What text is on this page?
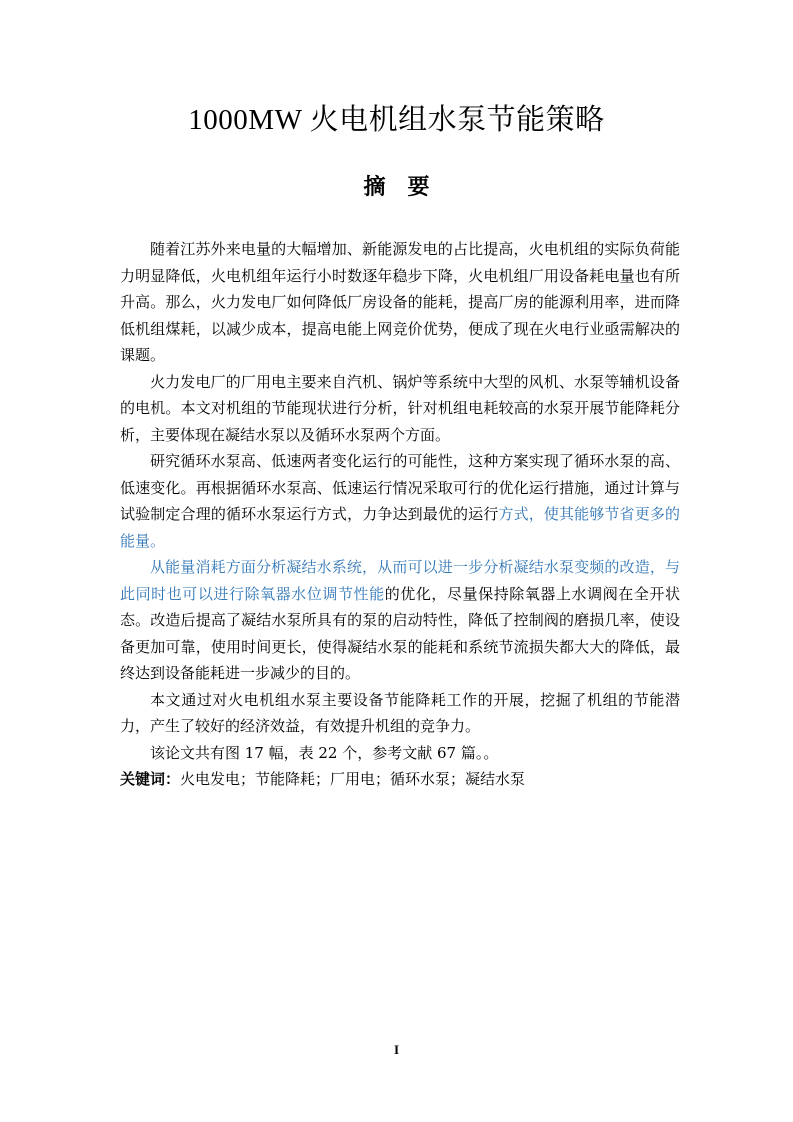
1000MW 火电机组水泵节能策略
摘 要

随着江苏外来电量的大幅增加、新能源发电的占比提高，火电机组的实际负荷能力明显降低，火电机组年运行小时数逐年稳步下降，火电机组厂用设备耗电量也有所升高。那么，火力发电厂如何降低厂房设备的能耗，提高厂房的能源利用率，进而降低机组煤耗，以减少成本，提高电能上网竞价优势，便成了现在火电行业亟需解决的课题。

火力发电厂的厂用电主要来自汽机、锅炉等系统中大型的风机、水泵等辅机设备的电机。本文对机组的节能现状进行分析，针对机组电耗较高的水泵开展节能降耗分析，主要体现在凝结水泵以及循环水泵两个方面。

研究循环水泵高、低速两者变化运行的可能性，这种方案实现了循环水泵的高、低速变化。再根据循环水泵高、低速运行情况采取可行的优化运行措施，通过计算与试验制定合理的循环水泵运行方式，力争达到最优的运行方式，使其能够节省更多的能量。

从能量消耗方面分析凝结水系统，从而可以进一步分析凝结水泵变频的改造，与此同时也可以进行除氧器水位调节性能的优化，尽量保持除氧器上水调阀在全开状态。改造后提高了凝结水泵所具有的泵的启动特性，降低了控制阀的磨损几率，使设备更加可靠，使用时间更长，使得凝结水泵的能耗和系统节流损失都大大的降低，最终达到设备能耗进一步减少的目的。

本文通过对火电机组水泵主要设备节能降耗工作的开展，挖掘了机组的节能潜力，产生了较好的经济效益，有效提升机组的竞争力。

该论文共有图 17 幅，表 22 个，参考文献 67 篇。。

关键词：火电发电；节能降耗；厂用电；循环水泵；凝结水泵

I
